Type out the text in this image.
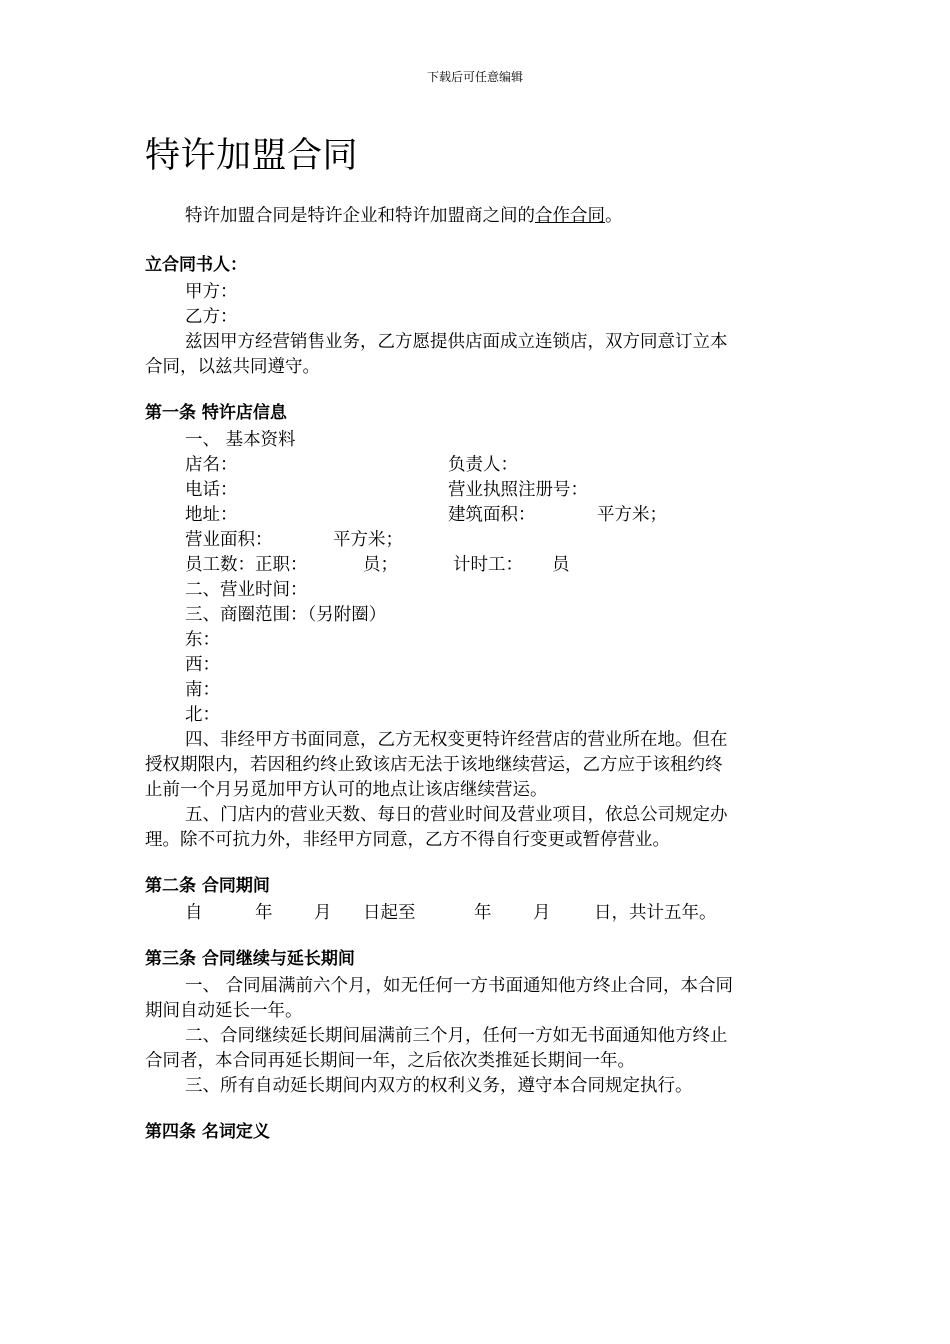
下载后可任意编辑
特许加盟合同
特许加盟合同是特许企业和特许加盟商之间的合作合同。
立合同书人：
甲方：
乙方：
兹因甲方经营销售业务，乙方愿提供店面成立连锁店，双方同意订立本
合同，以兹共同遵守。
第一条 特许店信息
一、 基本资料
店名：	负责人：
电话：	营业执照注册号：
地址：	建筑面积：	平方米；
营业面积：	平方米；
员工数：正职：	员；	计时工： 员
二、营业时间：
三、商圈范围：（另附圈）
东：
西：
南：
北：
四、非经甲方书面同意，乙方无权变更特许经营店的营业所在地。但在
授权期限内，若因租约终止致该店无法于该地继续营运，乙方应于该租约终
止前一个月另觅加甲方认可的地点让该店继续营运。
五、门店内的营业天数、每日的营业时间及营业项目，依总公司规定办
理。除不可抗力外，非经甲方同意，乙方不得自行变更或暂停营业。
第二条 合同期间
自	年 月 日起至	年 月 日，共计五年。
第三条 合同继续与延长期间
一、 合同届满前六个月，如无任何一方书面通知他方终止合同，本合同
期间自动延长一年。
二、合同继续延长期间届满前三个月，任何一方如无书面通知他方终止
合同者，本合同再延长期间一年，之后依次类推延长期间一年。
三、所有自动延长期间内双方的权利义务，遵守本合同规定执行。
第四条 名词定义
